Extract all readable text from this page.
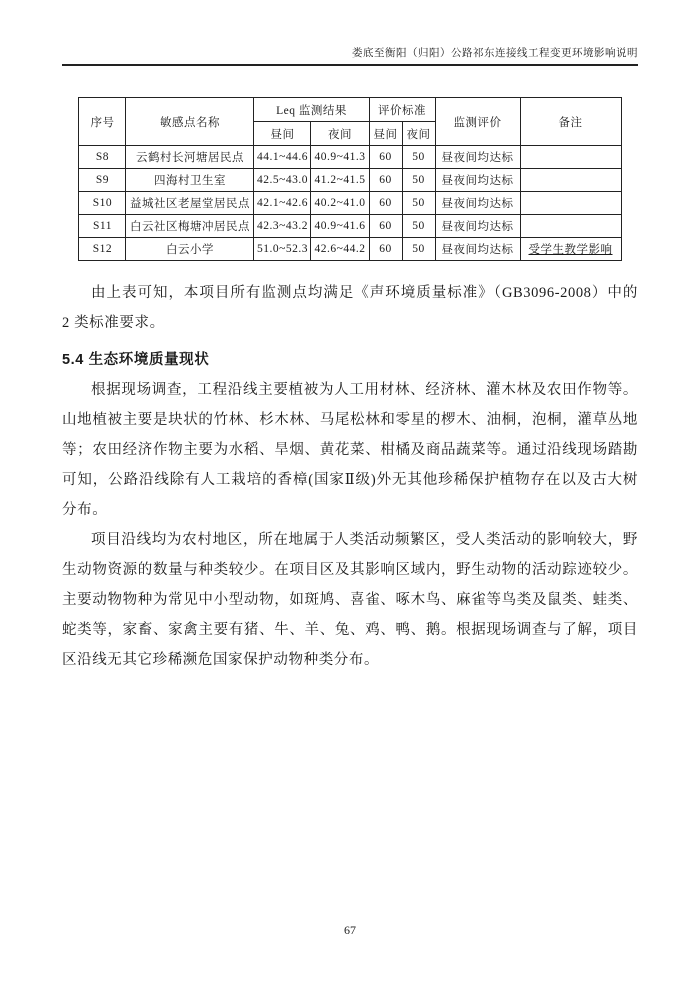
娄底至衡阳（归阳）公路祁东连接线工程变更环境影响说明
序号	敏感点名称	Leq 监测结果		评价标准		监测评价	备注
		昼间	夜间	昼间	夜间		
S8	云鹤村长河塘居民点	44.1~44.6	40.9~41.3	60	50	昼夜间均达标	
S9	四海村卫生室	42.5~43.0	41.2~41.5	60	50	昼夜间均达标	
S10	益城社区老屋堂居民点	42.1~42.6	40.2~41.0	60	50	昼夜间均达标	
S11	白云社区梅塘冲居民点	42.3~43.2	40.9~41.6	60	50	昼夜间均达标	
S12	白云小学	51.0~52.3	42.6~44.2	60	50	昼夜间均达标	受学生教学影响

由上表可知，本项目所有监测点均满足《声环境质量标准》（GB3096-2008）中的 2 类标准要求。

5.4 生态环境质量现状

根据现场调查，工程沿线主要植被为人工用材林、经济林、灌木林及农田作物等。山地植被主要是块状的竹林、杉木林、马尾松林和零星的椤木、油桐，泡桐，灌草丛地等；农田经济作物主要为水稻、旱烟、黄花菜、柑橘及商品蔬菜等。通过沿线现场踏勘可知，公路沿线除有人工栽培的香樟(国家Ⅱ级)外无其他珍稀保护植物存在以及古大树分布。

项目沿线均为农村地区，所在地属于人类活动频繁区，受人类活动的影响较大，野生动物资源的数量与种类较少。在项目区及其影响区域内，野生动物的活动踪迹较少。主要动物物种为常见中小型动物，如斑鸠、喜雀、啄木鸟、麻雀等鸟类及鼠类、蛙类、蛇类等，家畜、家禽主要有猪、牛、羊、兔、鸡、鸭、鹅。根据现场调查与了解，项目区沿线无其它珍稀濒危国家保护动物种类分布。

67
